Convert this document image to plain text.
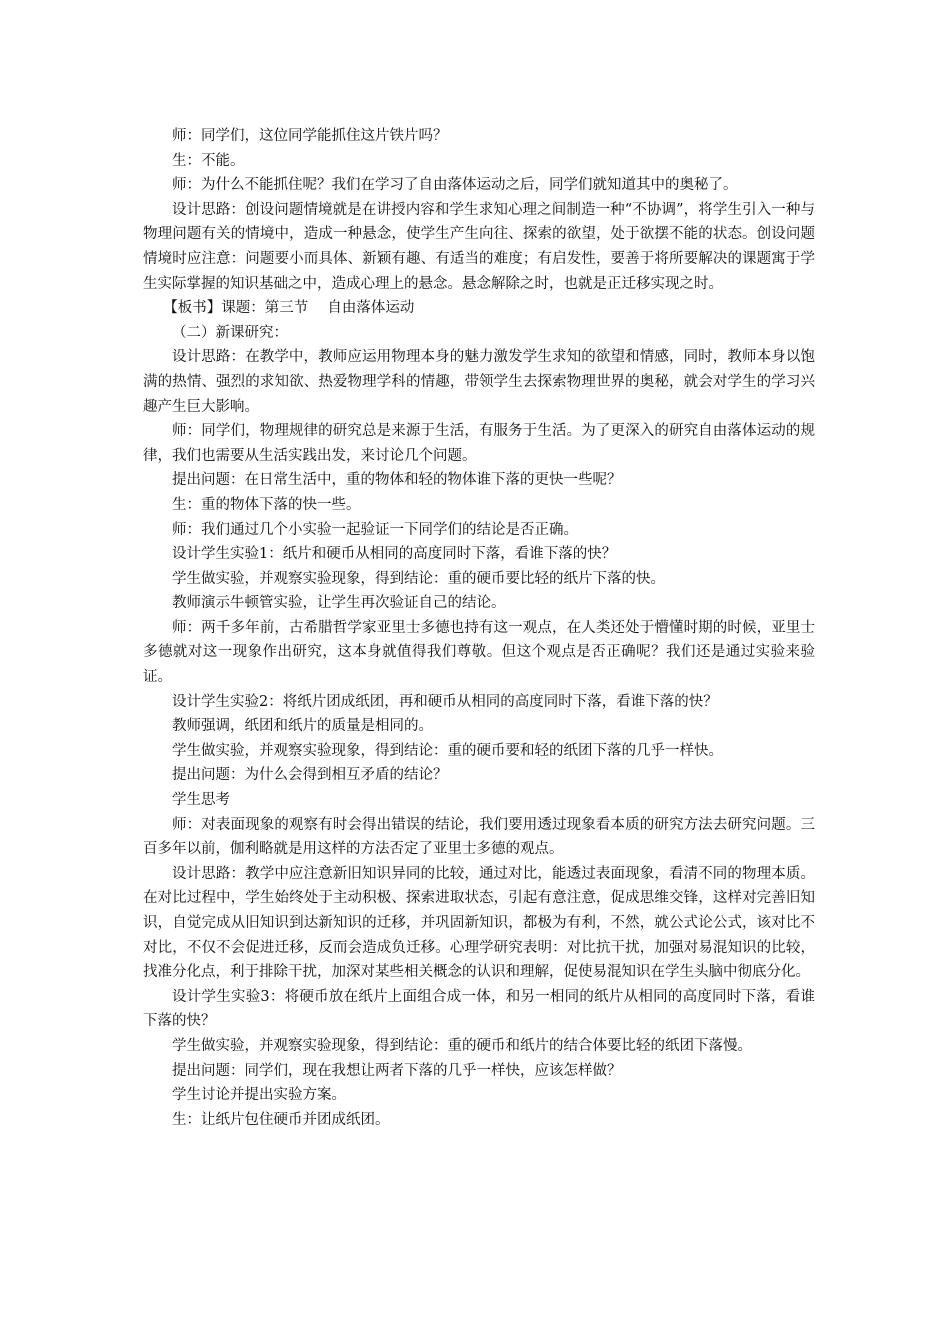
师：同学们，这位同学能抓住这片铁片吗？

生：不能。

师：为什么不能抓住呢？我们在学习了自由落体运动之后，同学们就知道其中的奥秘了。

设计思路：创设问题情境就是在讲授内容和学生求知心理之间制造一种“不协调”，将学生引入一种与物理问题有关的情境中，造成一种悬念，使学生产生向往、探索的欲望，处于欲摆不能的状态。创设问题情境时应注意：问题要小而具体、新颖有趣、有适当的难度；有启发性，要善于将所要解决的课题寓于学生实际掌握的知识基础之中，造成心理上的悬念。悬念解除之时，也就是正迁移实现之时。

【板书】课题：第三节　 自由落体运动

（二）新课研究：

设计思路：在教学中，教师应运用物理本身的魅力激发学生求知的欲望和情感，同时，教师本身以饱满的热情、强烈的求知欲、热爱物理学科的情趣，带领学生去探索物理世界的奥秘，就会对学生的学习兴趣产生巨大影响。

师：同学们，物理规律的研究总是来源于生活，有服务于生活。为了更深入的研究自由落体运动的规律，我们也需要从生活实践出发，来讨论几个问题。

提出问题：在日常生活中，重的物体和轻的物体谁下落的更快一些呢？

生：重的物体下落的快一些。

师：我们通过几个小实验一起验证一下同学们的结论是否正确。

设计学生实验1：纸片和硬币从相同的高度同时下落，看谁下落的快？

学生做实验，并观察实验现象，得到结论：重的硬币要比轻的纸片下落的快。

教师演示牛顿管实验，让学生再次验证自己的结论。

师：两千多年前，古希腊哲学家亚里士多德也持有这一观点，在人类还处于懵懂时期的时候，亚里士多德就对这一现象作出研究，这本身就值得我们尊敬。但这个观点是否正确呢？我们还是通过实验来验证。

设计学生实验2：将纸片团成纸团，再和硬币从相同的高度同时下落，看谁下落的快？

教师强调，纸团和纸片的质量是相同的。

学生做实验，并观察实验现象，得到结论：重的硬币要和轻的纸团下落的几乎一样快。

提出问题：为什么会得到相互矛盾的结论？

学生思考

师：对表面现象的观察有时会得出错误的结论，我们要用透过现象看本质的研究方法去研究问题。三百多年以前，伽利略就是用这样的方法否定了亚里士多德的观点。

设计思路：教学中应注意新旧知识异同的比较，通过对比，能透过表面现象，看清不同的物理本质。在对比过程中，学生始终处于主动积极、探索进取状态，引起有意注意，促成思维交锋，这样对完善旧知识，自觉完成从旧知识到达新知识的迁移，并巩固新知识，都极为有利，不然，就公式论公式，该对比不对比，不仅不会促进迁移，反而会造成负迁移。心理学研究表明：对比抗干扰，加强对易混知识的比较，找准分化点，利于排除干扰，加深对某些相关概念的认识和理解，促使易混知识在学生头脑中彻底分化。

设计学生实验3：将硬币放在纸片上面组合成一体，和另一相同的纸片从相同的高度同时下落，看谁下落的快？

学生做实验，并观察实验现象，得到结论：重的硬币和纸片的结合体要比轻的纸团下落慢。

提出问题：同学们，现在我想让两者下落的几乎一样快，应该怎样做？

学生讨论并提出实验方案。

生：让纸片包住硬币并团成纸团。
